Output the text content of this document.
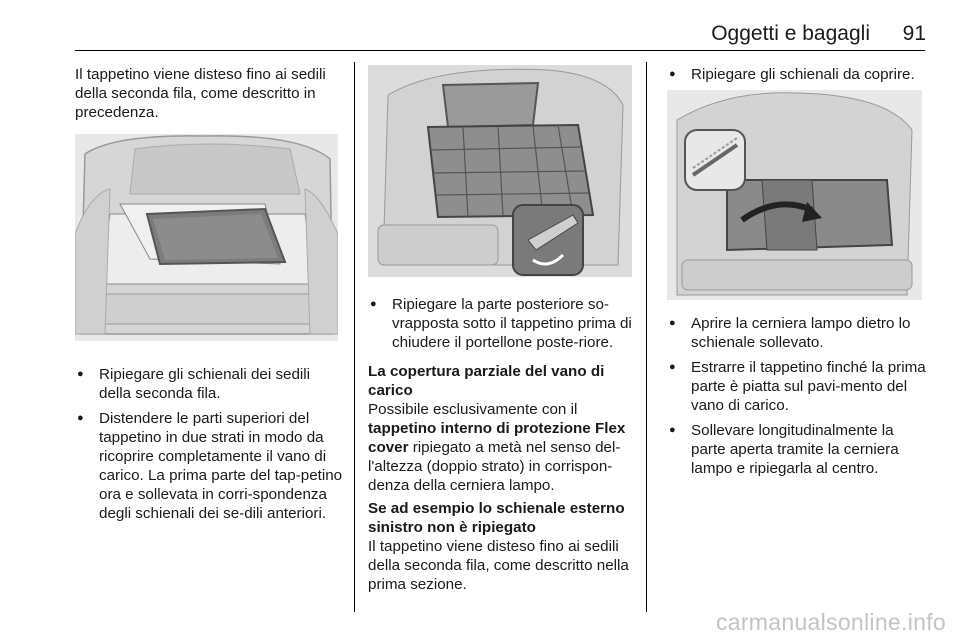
Oggetti e bagagli	91

Il tappetino viene disteso fino ai sedili della seconda fila, come descritto in precedenza.

● Ripiegare gli schienali dei sedili della seconda fila.
● Distendere le parti superiori del tappetino in due strati in modo da ricoprire completamente il vano di carico. La prima parte del tap-petino ora e sollevata in corri-spondenza degli schienali dei se-dili anteriori.
● Ripiegare la parte posteriore so-vrapposta sotto il tappetino prima di chiudere il portellone poste-riore.
La copertura parziale del vano di carico

Possibile esclusivamente con il tappetino interno di protezione Flex cover ripiegato a metà nel senso del-l'altezza (doppio strato) in corrispon-denza della cerniera lampo.

Se ad esempio lo schienale esterno sinistro non è ripiegato

Il tappetino viene disteso fino ai sedili della seconda fila, come descritto nella prima sezione.

● Ripiegare gli schienali da coprire.
● Aprire la cerniera lampo dietro lo schienale sollevato.
● Estrarre il tappetino finché la prima parte è piatta sul pavi-mento del vano di carico.
● Sollevare longitudinalmente la parte aperta tramite la cerniera lampo e ripiegarla al centro.
carmanualsonline.info
